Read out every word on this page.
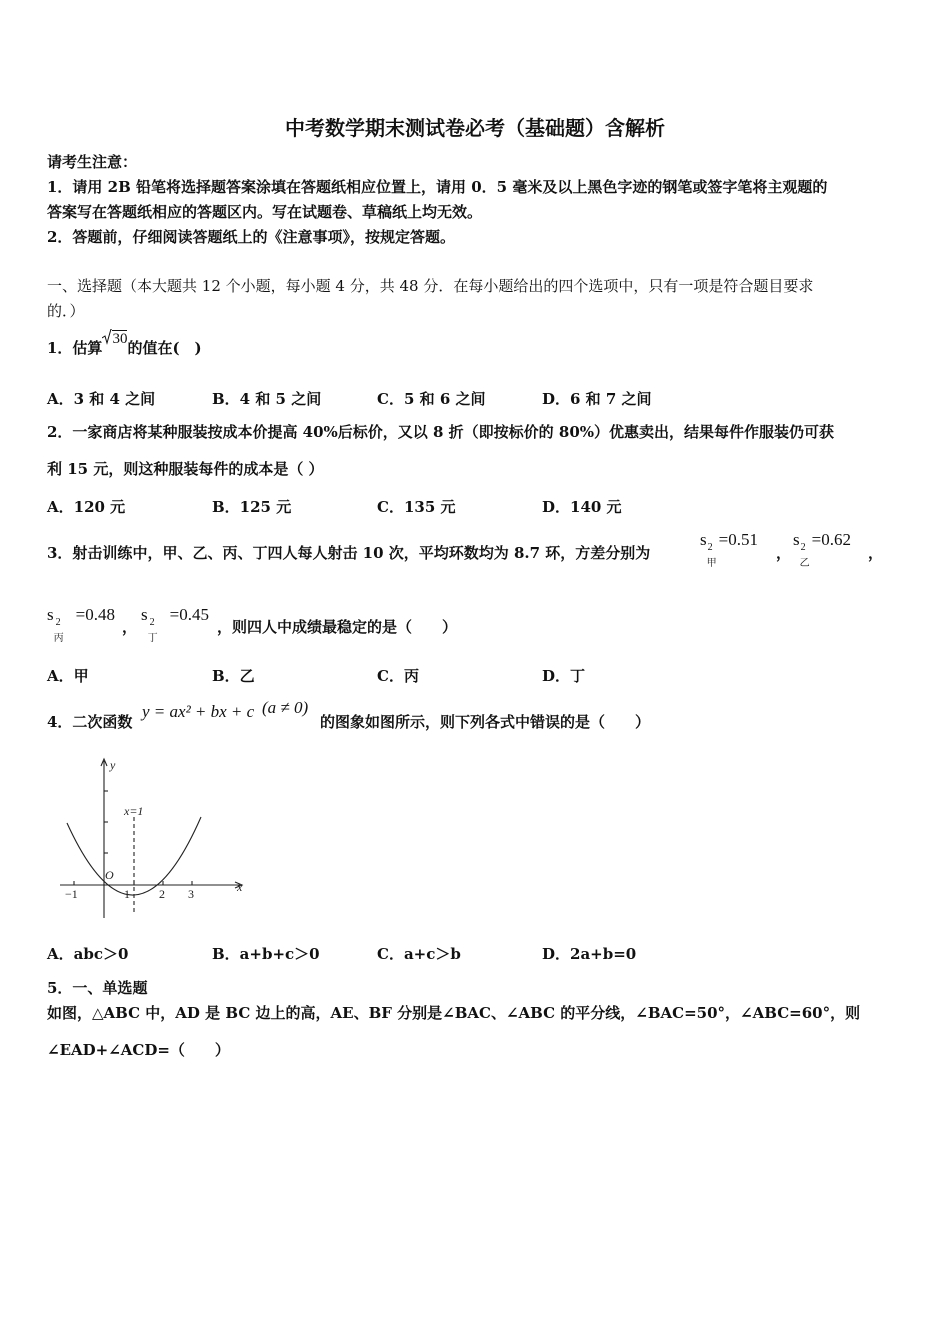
中考数学期末测试卷必考（基础题）含解析
请考生注意：
1．请用 2B 铅笔将选择题答案涂填在答题纸相应位置上，请用 0．5 毫米及以上黑色字迹的钢笔或签字笔将主观题的
答案写在答题纸相应的答题区内。写在试题卷、草稿纸上均无效。
2．答题前，仔细阅读答题纸上的《注意事项》，按规定答题。
一、选择题（本大题共 12 个小题，每小题 4 分，共 48 分．在每小题给出的四个选项中，只有一项是符合题目要求
的．）
1．估算 30的值在(　)
A．3 和 4 之间	B．4 和 5 之间	C．5 和 6 之间	D．6 和 7 之间
2．一家商店将某种服装按成本价提高 40%后标价，又以 8 折（即按标价的 80%）优惠卖出，结果每件作服装仍可获
利 15 元，则这种服装每件的成本是（ ）
A．120 元	B．125 元	C．135 元	D．140 元
3．射击训练中，甲、乙、丙、丁四人每人射击 10 次，平均环数均为 8.7 环，方差分别为
s 2
甲
=0.51
，
s 2
乙
=0.62
，
s 2
丙
=0.48
，
s 2
丁
=0.45
，则四人中成绩最稳定的是（　　）
A．甲	B．乙	C．丙	D．丁
4．二次函数
y = ax² + bx + c (a ≠ 0)
的图象如图所示，则下列各式中错误的是（　　）
y
x
O
x=1
−1	1 2 3
A．abc＞0	B．a+b+c＞0	C．a+c＞b	D．2a+b=0
5．一、单选题
如图，△ABC 中，AD 是 BC 边上的高，AE、BF 分别是∠BAC、∠ABC 的平分线，∠BAC=50°，∠ABC=60°，则
∠EAD+∠ACD=（　　）
